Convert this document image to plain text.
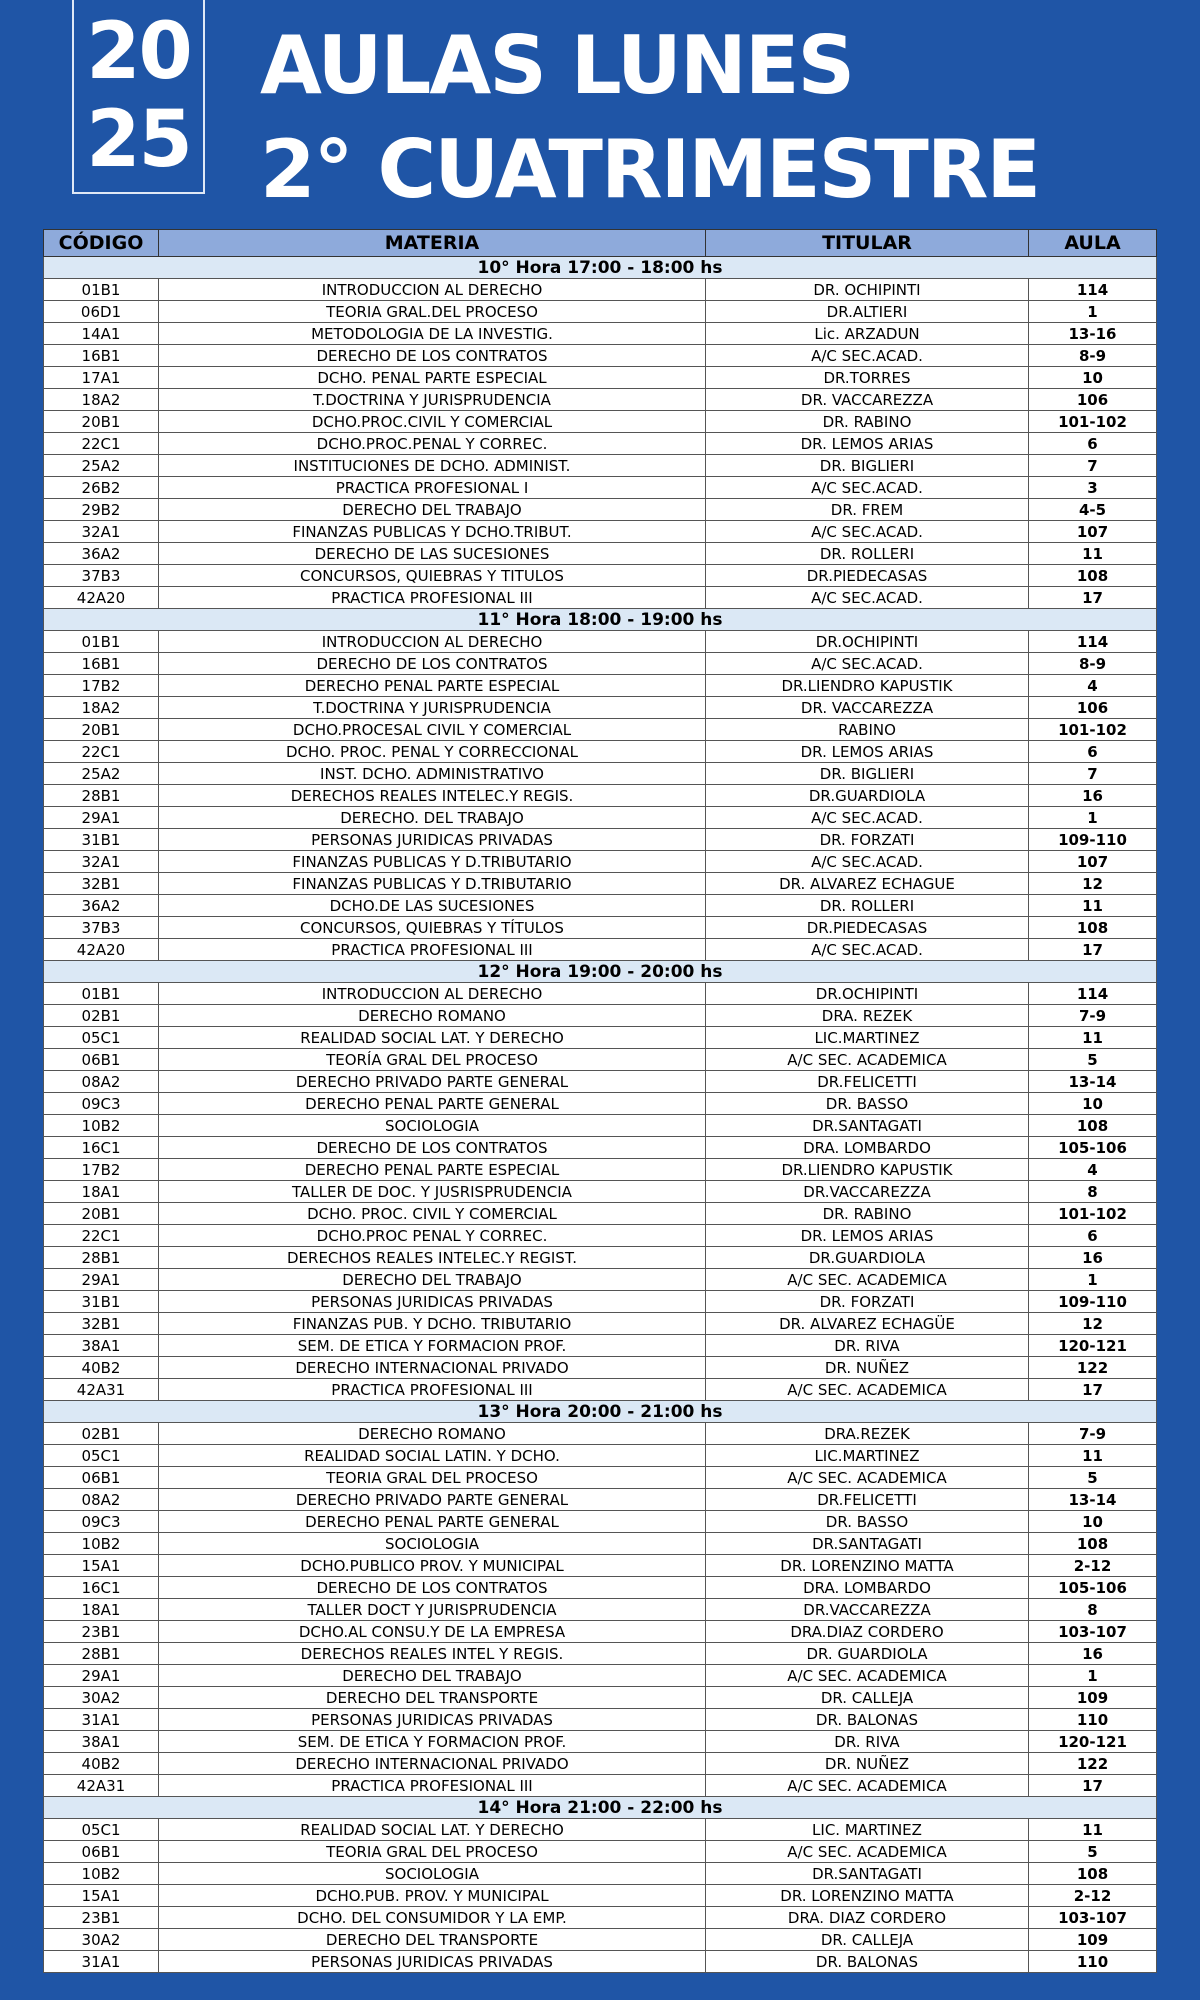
20
25
AULAS LUNES
2° CUATRIMESTRE
CÓDIGO	MATERIA	TITULAR	AULA
10° Hora 17:00 - 18:00 hs			
01B1	INTRODUCCION AL DERECHO	DR. OCHIPINTI	114
06D1	TEORIA GRAL.DEL PROCESO	DR.ALTIERI	1
14A1	METODOLOGIA DE LA INVESTIG.	Lic. ARZADUN	13-16
16B1	DERECHO DE LOS CONTRATOS	A/C SEC.ACAD.	8-9
17A1	DCHO. PENAL PARTE ESPECIAL	DR.TORRES	10
18A2	T.DOCTRINA Y JURISPRUDENCIA	DR. VACCAREZZA	106
20B1	DCHO.PROC.CIVIL Y COMERCIAL	DR. RABINO	101-102
22C1	DCHO.PROC.PENAL Y CORREC.	DR. LEMOS ARIAS	6
25A2	INSTITUCIONES DE DCHO. ADMINIST.	DR. BIGLIERI	7
26B2	PRACTICA PROFESIONAL I	A/C SEC.ACAD.	3
29B2	DERECHO DEL TRABAJO	DR. FREM	4-5
32A1	FINANZAS PUBLICAS Y DCHO.TRIBUT.	A/C SEC.ACAD.	107
36A2	DERECHO DE LAS SUCESIONES	DR. ROLLERI	11
37B3	CONCURSOS, QUIEBRAS Y TITULOS	DR.PIEDECASAS	108
42A20	PRACTICA PROFESIONAL III	A/C SEC.ACAD.	17
11° Hora 18:00 - 19:00 hs			
01B1	INTRODUCCION AL DERECHO	DR.OCHIPINTI	114
16B1	DERECHO DE LOS CONTRATOS	A/C SEC.ACAD.	8-9
17B2	DERECHO PENAL PARTE ESPECIAL	DR.LIENDRO KAPUSTIK	4
18A2	T.DOCTRINA Y JURISPRUDENCIA	DR. VACCAREZZA	106
20B1	DCHO.PROCESAL CIVIL Y COMERCIAL	RABINO	101-102
22C1	DCHO. PROC. PENAL Y CORRECCIONAL	DR. LEMOS ARIAS	6
25A2	INST. DCHO. ADMINISTRATIVO	DR. BIGLIERI	7
28B1	DERECHOS REALES INTELEC.Y REGIS.	DR.GUARDIOLA	16
29A1	DERECHO. DEL TRABAJO	A/C SEC.ACAD.	1
31B1	PERSONAS JURIDICAS PRIVADAS	DR. FORZATI	109-110
32A1	FINANZAS PUBLICAS Y D.TRIBUTARIO	A/C SEC.ACAD.	107
32B1	FINANZAS PUBLICAS Y D.TRIBUTARIO	DR. ALVAREZ ECHAGUE	12
36A2	DCHO.DE LAS SUCESIONES	DR. ROLLERI	11
37B3	CONCURSOS, QUIEBRAS Y TÍTULOS	DR.PIEDECASAS	108
42A20	PRACTICA PROFESIONAL III	A/C SEC.ACAD.	17
12° Hora 19:00 - 20:00 hs			
01B1	INTRODUCCION AL DERECHO	DR.OCHIPINTI	114
02B1	DERECHO ROMANO	DRA. REZEK	7-9
05C1	REALIDAD SOCIAL LAT. Y DERECHO	LIC.MARTINEZ	11
06B1	TEORÍA GRAL DEL PROCESO	A/C SEC. ACADEMICA	5
08A2	DERECHO PRIVADO PARTE GENERAL	DR.FELICETTI	13-14
09C3	DERECHO PENAL PARTE GENERAL	DR. BASSO	10
10B2	SOCIOLOGIA	DR.SANTAGATI	108
16C1	DERECHO DE LOS CONTRATOS	DRA. LOMBARDO	105-106
17B2	DERECHO PENAL PARTE ESPECIAL	DR.LIENDRO KAPUSTIK	4
18A1	TALLER DE DOC. Y JUSRISPRUDENCIA	DR.VACCAREZZA	8
20B1	DCHO. PROC. CIVIL Y COMERCIAL	DR. RABINO	101-102
22C1	DCHO.PROC PENAL Y CORREC.	DR. LEMOS ARIAS	6
28B1	DERECHOS REALES INTELEC.Y REGIST.	DR.GUARDIOLA	16
29A1	DERECHO DEL TRABAJO	A/C SEC. ACADEMICA	1
31B1	PERSONAS JURIDICAS PRIVADAS	DR. FORZATI	109-110
32B1	FINANZAS PUB. Y DCHO. TRIBUTARIO	DR. ALVAREZ ECHAGÜE	12
38A1	SEM. DE ETICA Y FORMACION PROF.	DR. RIVA	120-121
40B2	DERECHO INTERNACIONAL PRIVADO	DR. NUÑEZ	122
42A31	PRACTICA PROFESIONAL III	A/C SEC. ACADEMICA	17
13° Hora 20:00 - 21:00 hs			
02B1	DERECHO ROMANO	DRA.REZEK	7-9
05C1	REALIDAD SOCIAL LATIN. Y DCHO.	LIC.MARTINEZ	11
06B1	TEORIA GRAL DEL PROCESO	A/C SEC. ACADEMICA	5
08A2	DERECHO PRIVADO PARTE GENERAL	DR.FELICETTI	13-14
09C3	DERECHO PENAL PARTE GENERAL	DR. BASSO	10
10B2	SOCIOLOGIA	DR.SANTAGATI	108
15A1	DCHO.PUBLICO PROV. Y MUNICIPAL	DR. LORENZINO MATTA	2-12
16C1	DERECHO DE LOS CONTRATOS	DRA. LOMBARDO	105-106
18A1	TALLER DOCT Y JURISPRUDENCIA	DR.VACCAREZZA	8
23B1	DCHO.AL CONSU.Y DE LA EMPRESA	DRA.DIAZ CORDERO	103-107
28B1	DERECHOS REALES INTEL Y REGIS.	DR. GUARDIOLA	16
29A1	DERECHO DEL TRABAJO	A/C SEC. ACADEMICA	1
30A2	DERECHO DEL TRANSPORTE	DR. CALLEJA	109
31A1	PERSONAS JURIDICAS PRIVADAS	DR. BALONAS	110
38A1	SEM. DE ETICA Y FORMACION PROF.	DR. RIVA	120-121
40B2	DERECHO INTERNACIONAL PRIVADO	DR. NUÑEZ	122
42A31	PRACTICA PROFESIONAL III	A/C SEC. ACADEMICA	17
14° Hora 21:00 - 22:00 hs			
05C1	REALIDAD SOCIAL LAT. Y DERECHO	LIC. MARTINEZ	11
06B1	TEORIA GRAL DEL PROCESO	A/C SEC. ACADEMICA	5
10B2	SOCIOLOGIA	DR.SANTAGATI	108
15A1	DCHO.PUB. PROV. Y MUNICIPAL	DR. LORENZINO MATTA	2-12
23B1	DCHO. DEL CONSUMIDOR Y LA EMP.	DRA. DIAZ CORDERO	103-107
30A2	DERECHO DEL TRANSPORTE	DR. CALLEJA	109
31A1	PERSONAS JURIDICAS PRIVADAS	DR. BALONAS	110
